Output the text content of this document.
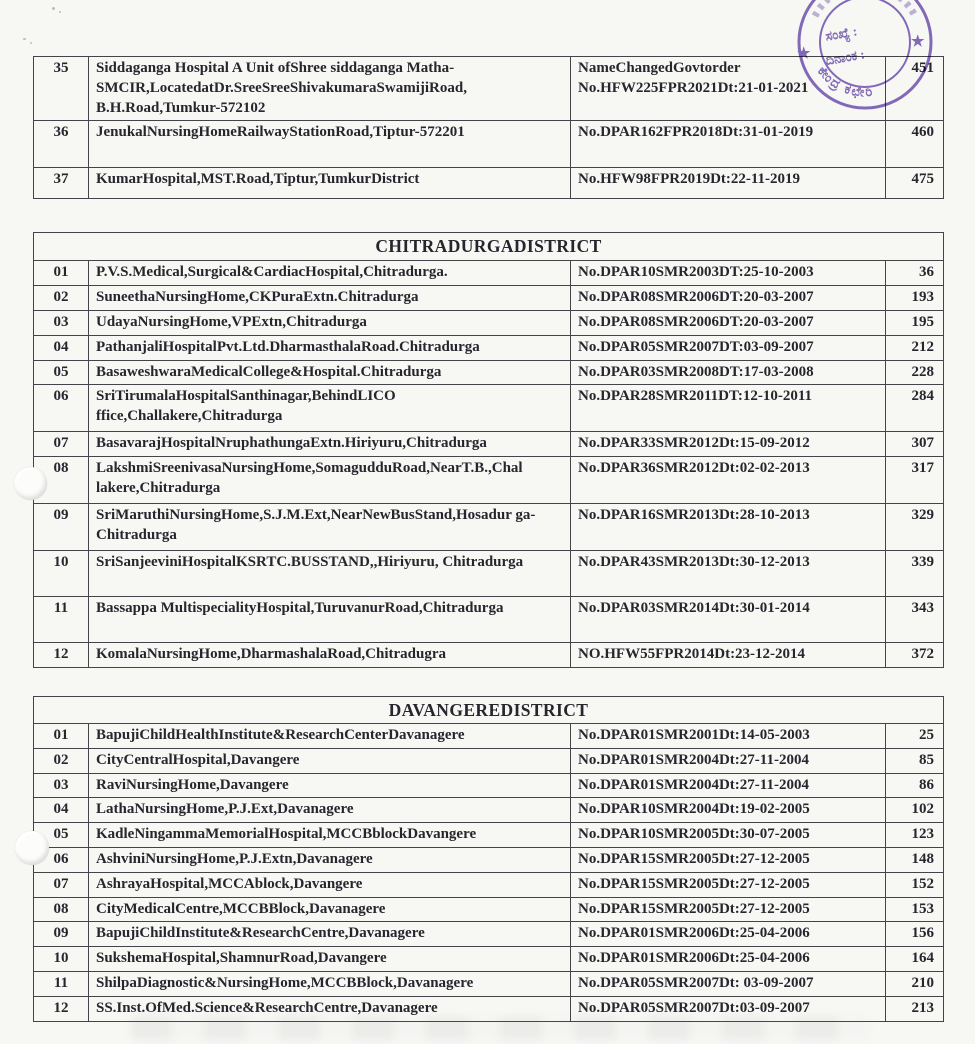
35	Siddaganga Hospital A Unit ofShree siddaganga Matha-SMCIR,LocatedatDr.SreeSreeShivakumaraSwamijiRoad, B.H.Road,Tumkur-572102	NameChangedGovtorder No.HFW225FPR2021Dt:21-01-2021	451
36	JenukalNursingHomeRailwayStationRoad,Tiptur-572201	No.DPAR162FPR2018Dt:31-01-2019	460
37	KumarHospital,MST.Road,Tiptur,TumkurDistrict	No.HFW98FPR2019Dt:22-11-2019	475
CHITRADURGADISTRICT			
01	P.V.S.Medical,Surgical&CardiacHospital,Chitradurga.	No.DPAR10SMR2003DT:25-10-2003	36
02	SuneethaNursingHome,CKPuraExtn.Chitradurga	No.DPAR08SMR2006DT:20-03-2007	193
03	UdayaNursingHome,VPExtn,Chitradurga	No.DPAR08SMR2006DT:20-03-2007	195
04	PathanjaliHospitalPvt.Ltd.DharmasthalaRoad.Chitradurga	No.DPAR05SMR2007DT:03-09-2007	212
05	BasaweshwaraMedicalCollege&Hospital.Chitradurga	No.DPAR03SMR2008DT:17-03-2008	228
06	SriTirumalaHospitalSanthinagar,BehindLICO ffice,Challakere,Chitradurga	No.DPAR28SMR2011DT:12-10-2011	284
07	BasavarajHospitalNruphathungaExtn.Hiriyuru,Chitradurga	No.DPAR33SMR2012Dt:15-09-2012	307
08	LakshmiSreenivasaNursingHome,SomagudduRoad,NearT.B.,Chal lakere,Chitradurga	No.DPAR36SMR2012Dt:02-02-2013	317
09	SriMaruthiNursingHome,S.J.M.Ext,NearNewBusStand,Hosadur ga-Chitradurga	No.DPAR16SMR2013Dt:28-10-2013	329
10	SriSanjeeviniHospitalKSRTC.BUSSTAND,,Hiriyuru, Chitradurga	No.DPAR43SMR2013Dt:30-12-2013	339
11	Bassappa MultispecialityHospital,TuruvanurRoad,Chitradurga	No.DPAR03SMR2014Dt:30-01-2014	343
12	KomalaNursingHome,DharmashalaRoad,Chitradugra	NO.HFW55FPR2014Dt:23-12-2014	372
DAVANGEREDISTRICT			
01	BapujiChildHealthInstitute&ResearchCenterDavanagere	No.DPAR01SMR2001Dt:14-05-2003	25
02	CityCentralHospital,Davangere	No.DPAR01SMR2004Dt:27-11-2004	85
03	RaviNursingHome,Davangere	No.DPAR01SMR2004Dt:27-11-2004	86
04	LathaNursingHome,P.J.Ext,Davanagere	No.DPAR10SMR2004Dt:19-02-2005	102
05	KadleNingammaMemorialHospital,MCCBblockDavangere	No.DPAR10SMR2005Dt:30-07-2005	123
06	AshviniNursingHome,P.J.Extn,Davanagere	No.DPAR15SMR2005Dt:27-12-2005	148
07	AshrayaHospital,MCCAblock,Davangere	No.DPAR15SMR2005Dt:27-12-2005	152
08	CityMedicalCentre,MCCBBlock,Davanagere	No.DPAR15SMR2005Dt:27-12-2005	153
09	BapujiChildInstitute&ResearchCentre,Davanagere	No.DPAR01SMR2006Dt:25-04-2006	156
10	SukshemaHospital,ShamnurRoad,Davangere	No.DPAR01SMR2006Dt:25-04-2006	164
11	ShilpaDiagnostic&NursingHome,MCCBBlock,Davanagere	No.DPAR05SMR2007Dt: 03-09-2007	210
12	SS.Inst.OfMed.Science&ResearchCentre,Davanagere	No.DPAR05SMR2007Dt:03-09-2007	213
ಸಂಖ್ಯೆ :
ದಿನಾಂಕ :
★
★
ಕೇಂದ್ರ ಕಛೇರಿ
